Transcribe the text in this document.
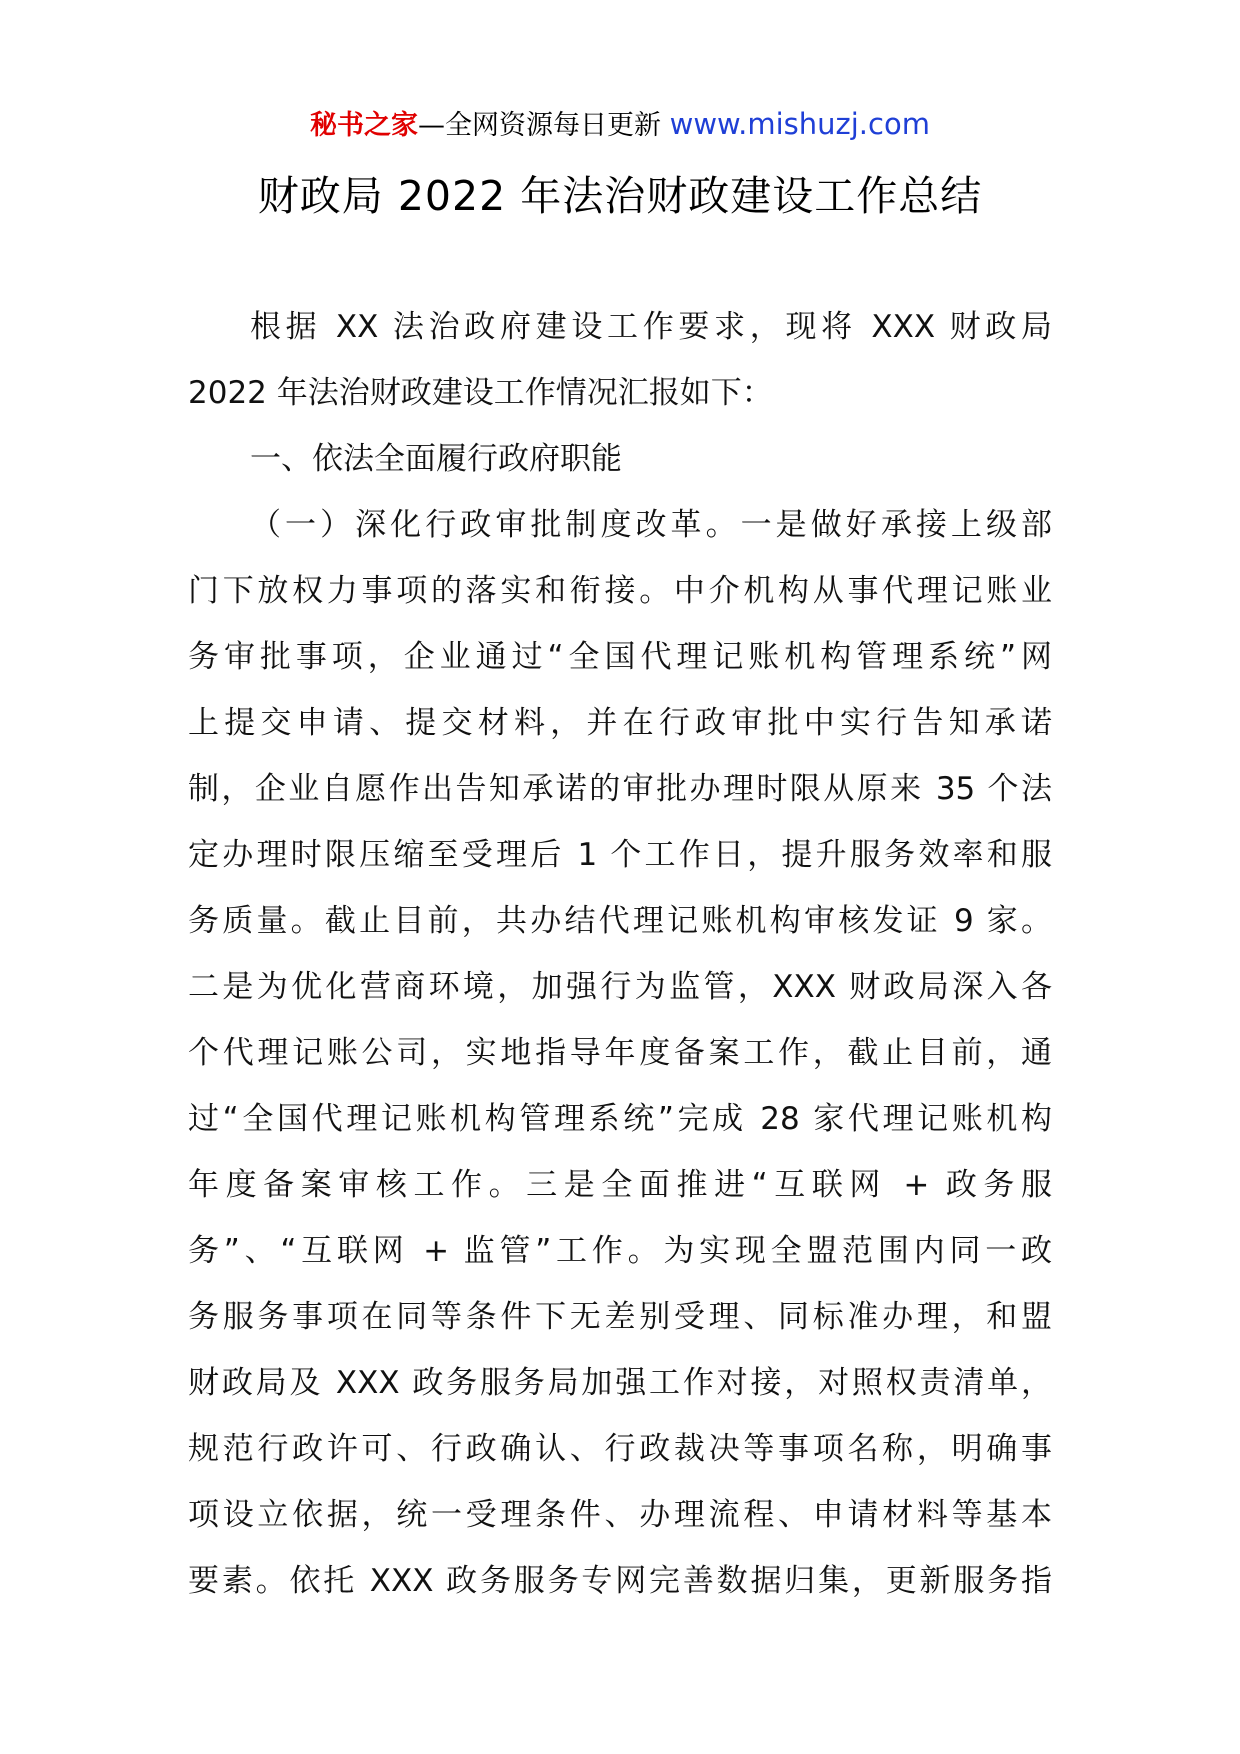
秘书之家—全网资源每日更新 www.mishuzj.com
财政局 2022 年法治财政建设工作总结

根据 XX 法治政府建设工作要求，现将 XXX 财政局

2022 年法治财政建设工作情况汇报如下：

一、依法全面履行政府职能

（一）深化行政审批制度改革。一是做好承接上级部

门下放权力事项的落实和衔接。中介机构从事代理记账业

务审批事项，企业通过“全国代理记账机构管理系统”网

上提交申请、提交材料，并在行政审批中实行告知承诺

制，企业自愿作出告知承诺的审批办理时限从原来 35 个法

定办理时限压缩至受理后 1 个工作日，提升服务效率和服

务质量。截止目前，共办结代理记账机构审核发证 9 家。

二是为优化营商环境，加强行为监管，XXX 财政局深入各

个代理记账公司，实地指导年度备案工作，截止目前，通

过“全国代理记账机构管理系统”完成 28 家代理记账机构

年度备案审核工作。三是全面推进“互联网 + 政务服

务”、“互联网 + 监管”工作。为实现全盟范围内同一政

务服务事项在同等条件下无差别受理、同标准办理，和盟

财政局及 XXX 政务服务局加强工作对接，对照权责清单，

规范行政许可、行政确认、行政裁决等事项名称，明确事

项设立依据，统一受理条件、办理流程、申请材料等基本

要素。依托 XXX 政务服务专网完善数据归集，更新服务指
